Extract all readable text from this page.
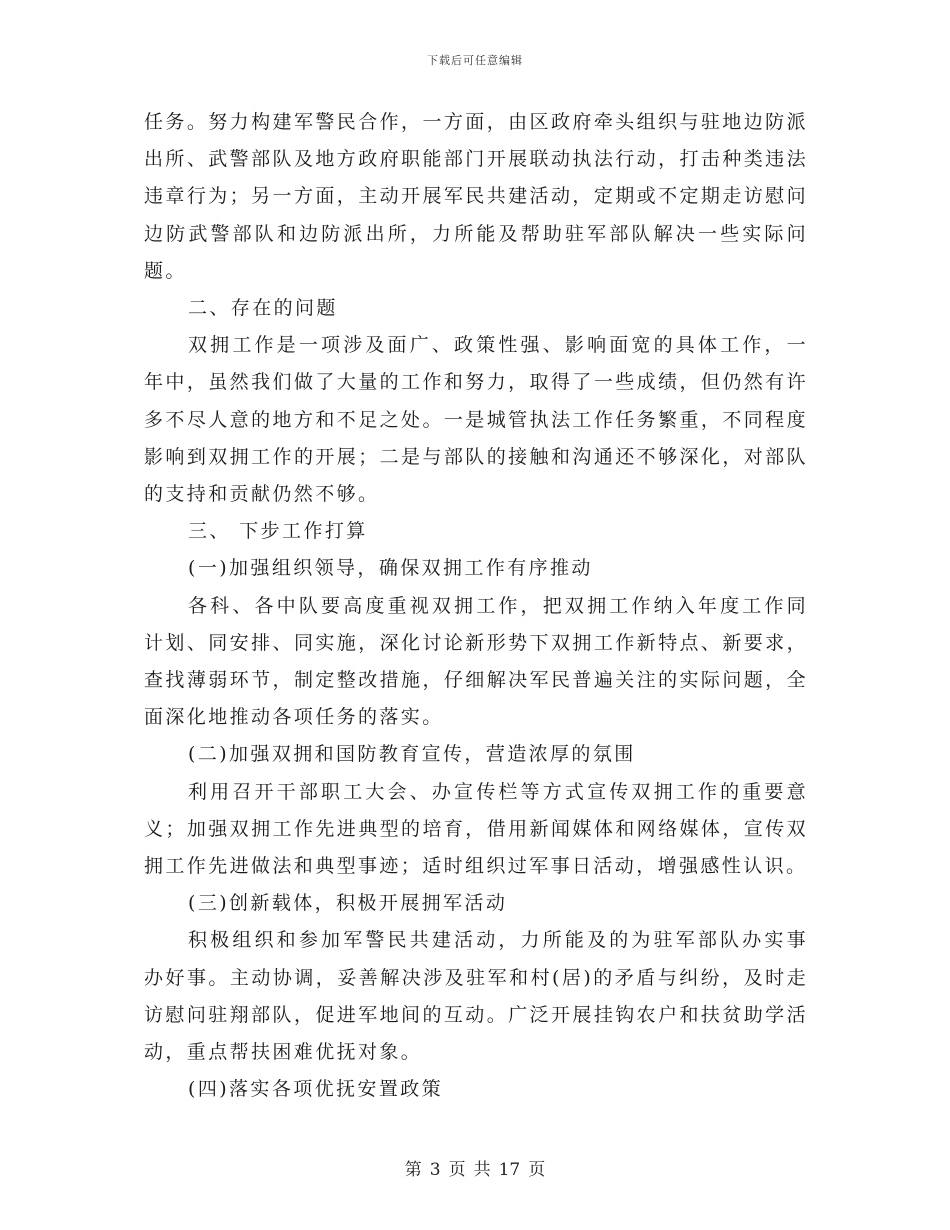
下载后可任意编辑

任务。努力构建军警民合作，一方面，由区政府牵头组织与驻地边防派出所、武警部队及地方政府职能部门开展联动执法行动，打击种类违法违章行为；另一方面，主动开展军民共建活动，定期或不定期走访慰问边防武警部队和边防派出所，力所能及帮助驻军部队解决一些实际问题。

二、存在的问题

双拥工作是一项涉及面广、政策性强、影响面宽的具体工作，一年中，虽然我们做了大量的工作和努力，取得了一些成绩，但仍然有许多不尽人意的地方和不足之处。一是城管执法工作任务繁重，不同程度影响到双拥工作的开展；二是与部队的接触和沟通还不够深化，对部队的支持和贡献仍然不够。

三、 下步工作打算

(一)加强组织领导，确保双拥工作有序推动

各科、各中队要高度重视双拥工作，把双拥工作纳入年度工作同计划、同安排、同实施，深化讨论新形势下双拥工作新特点、新要求，查找薄弱环节，制定整改措施，仔细解决军民普遍关注的实际问题，全面深化地推动各项任务的落实。

(二)加强双拥和国防教育宣传，营造浓厚的氛围

利用召开干部职工大会、办宣传栏等方式宣传双拥工作的重要意义；加强双拥工作先进典型的培育，借用新闻媒体和网络媒体，宣传双拥工作先进做法和典型事迹；适时组织过军事日活动，增强感性认识。

(三)创新载体，积极开展拥军活动

积极组织和参加军警民共建活动，力所能及的为驻军部队办实事办好事。主动协调，妥善解决涉及驻军和村(居)的矛盾与纠纷，及时走访慰问驻翔部队，促进军地间的互动。广泛开展挂钩农户和扶贫助学活动，重点帮扶困难优抚对象。

(四)落实各项优抚安置政策

第 3 页 共 17 页
